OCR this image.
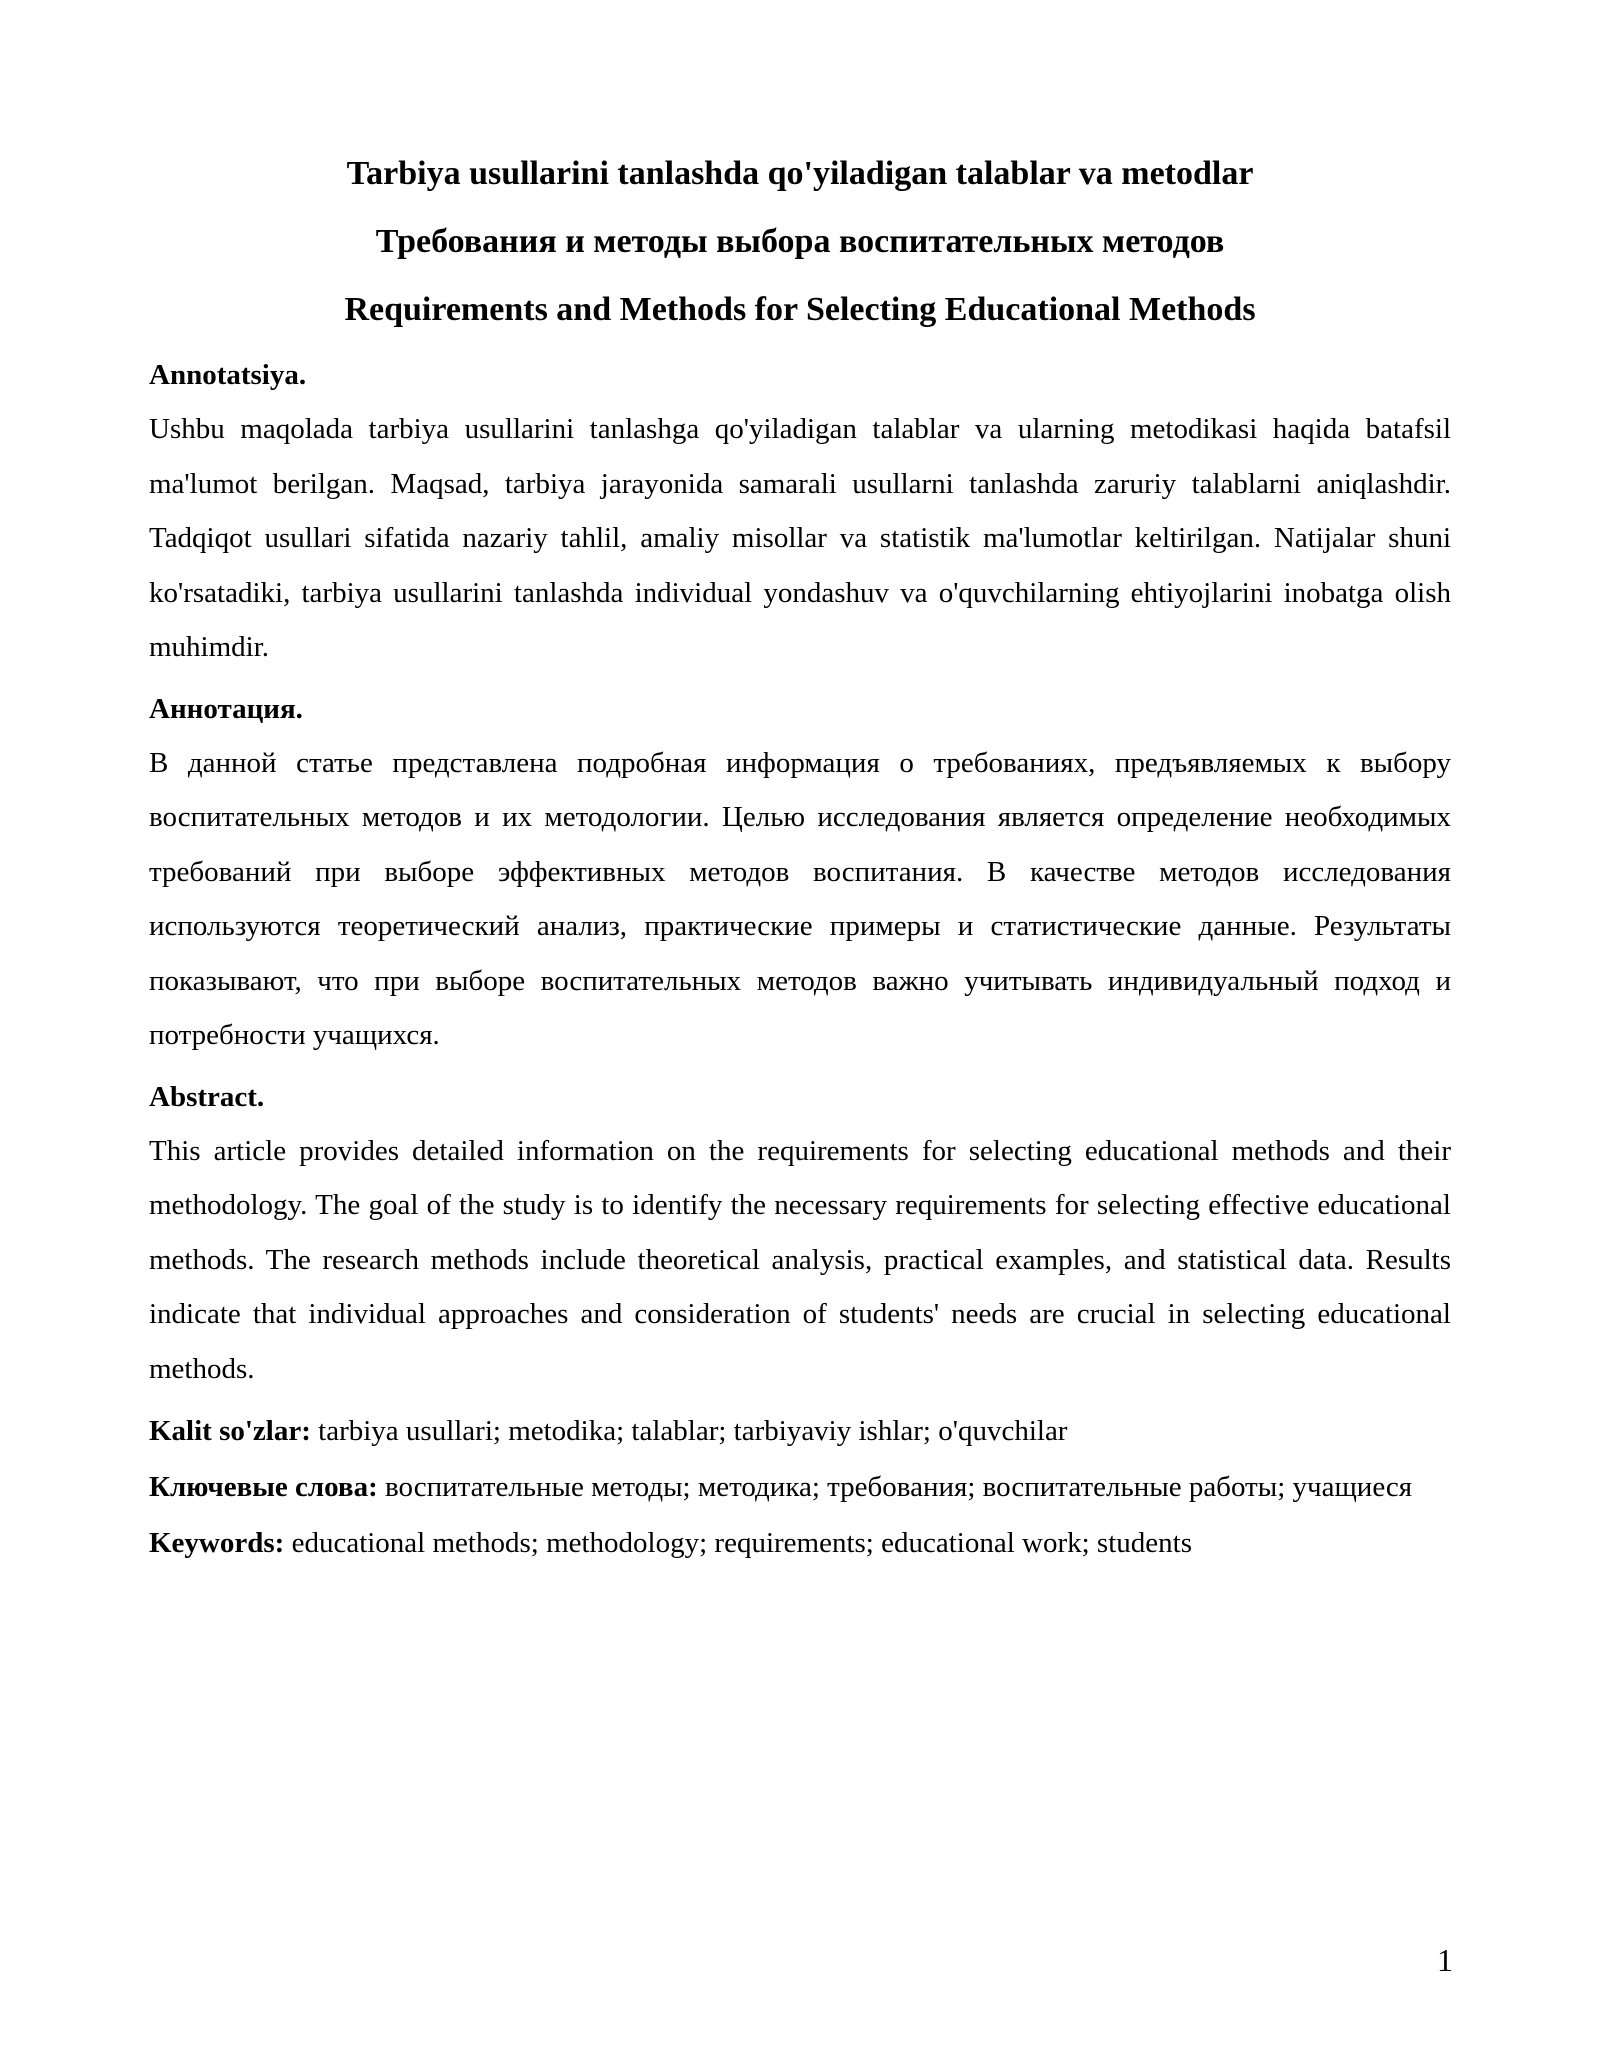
Tarbiya usullarini tanlashda qo'yiladigan talablar va metodlar

Требования и методы выбора воспитательных методов

Requirements and Methods for Selecting Educational Methods

Annotatsiya.

Ushbu maqolada tarbiya usullarini tanlashga qo'yiladigan talablar va ularning metodikasi haqida batafsil ma'lumot berilgan. Maqsad, tarbiya jarayonida samarali usullarni tanlashda zaruriy talablarni aniqlashdir. Tadqiqot usullari sifatida nazariy tahlil, amaliy misollar va statistik ma'lumotlar keltirilgan. Natijalar shuni ko'rsatadiki, tarbiya usullarini tanlashda individual yondashuv va o'quvchilarning ehtiyojlarini inobatga olish muhimdir.

Аннотация.

В данной статье представлена подробная информация о требованиях, предъявляемых к выбору воспитательных методов и их методологии. Целью исследования является определение необходимых требований при выборе эффективных методов воспитания. В качестве методов исследования используются теоретический анализ, практические примеры и статистические данные. Результаты показывают, что при выборе воспитательных методов важно учитывать индивидуальный подход и потребности учащихся.

Abstract.

This article provides detailed information on the requirements for selecting educational methods and their methodology. The goal of the study is to identify the necessary requirements for selecting effective educational methods. The research methods include theoretical analysis, practical examples, and statistical data. Results indicate that individual approaches and consideration of students' needs are crucial in selecting educational methods.

Kalit so'zlar: tarbiya usullari; metodika; talablar; tarbiyaviy ishlar; o'quvchilar

Ключевые слова: воспитательные методы; методика; требования; воспитательные работы; учащиеся

Keywords: educational methods; methodology; requirements; educational work; students

1
